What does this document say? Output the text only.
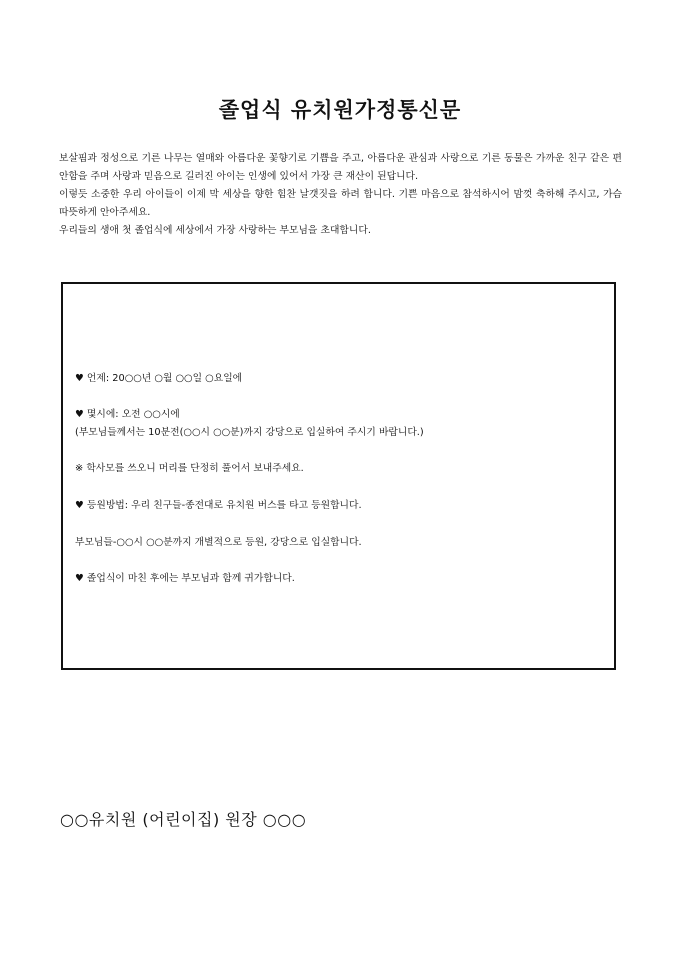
졸업식 유치원가정통신문

보살핌과 정성으로 기른 나무는 열매와 아름다운 꽃향기로 기쁨을 주고, 아름다운 관심과 사랑으로 기른 동물은 가까운 친구 같은 편안함을 주며 사랑과 믿음으로 길러진 아이는 인생에 있어서 가장 큰 재산이 된답니다.

이렇듯 소중한 우리 아이들이 이제 막 세상을 향한 힘찬 날갯짓을 하려 합니다. 기쁜 마음으로 참석하시어 맘껏 축하해 주시고, 가슴 따뜻하게 안아주세요.

우리들의 생애 첫 졸업식에 세상에서 가장 사랑하는 부모님을 초대합니다.

♥ 언제: 20○○년 ○월 ○○일 ○요일에
♥ 몇시에: 오전 ○○시에
(부모님들께서는 10분전(○○시 ○○분)까지 강당으로 입실하여 주시기 바랍니다.)
※ 학사모를 쓰오니 머리를 단정히 풀어서 보내주세요.
♥ 등원방법: 우리 친구들-종전대로 유치원 버스를 타고 등원합니다.
부모님들-○○시 ○○분까지 개별적으로 등원, 강당으로 입실합니다.
♥ 졸업식이 마친 후에는 부모님과 함께 귀가합니다.
○○유치원 (어린이집) 원장 ○○○
